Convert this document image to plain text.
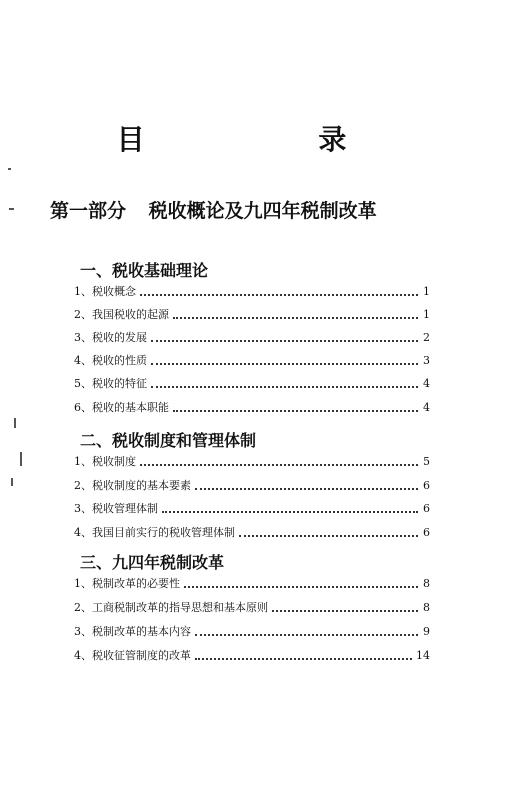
目 录
第一部分 税收概论及九四年税制改革
一、税收基础理论
1、税收概念	1
2、我国税收的起源	1
3、税收的发展	2
4、税收的性质	3
5、税收的特征	4
6、税收的基本职能	4
二、税收制度和管理体制
1、税收制度	5
2、税收制度的基本要素	6
3、税收管理体制	6
4、我国目前实行的税收管理体制	6
三、九四年税制改革
1、税制改革的必要性	8
2、工商税制改革的指导思想和基本原则	8
3、税制改革的基本内容	9
4、税收征管制度的改革	14
